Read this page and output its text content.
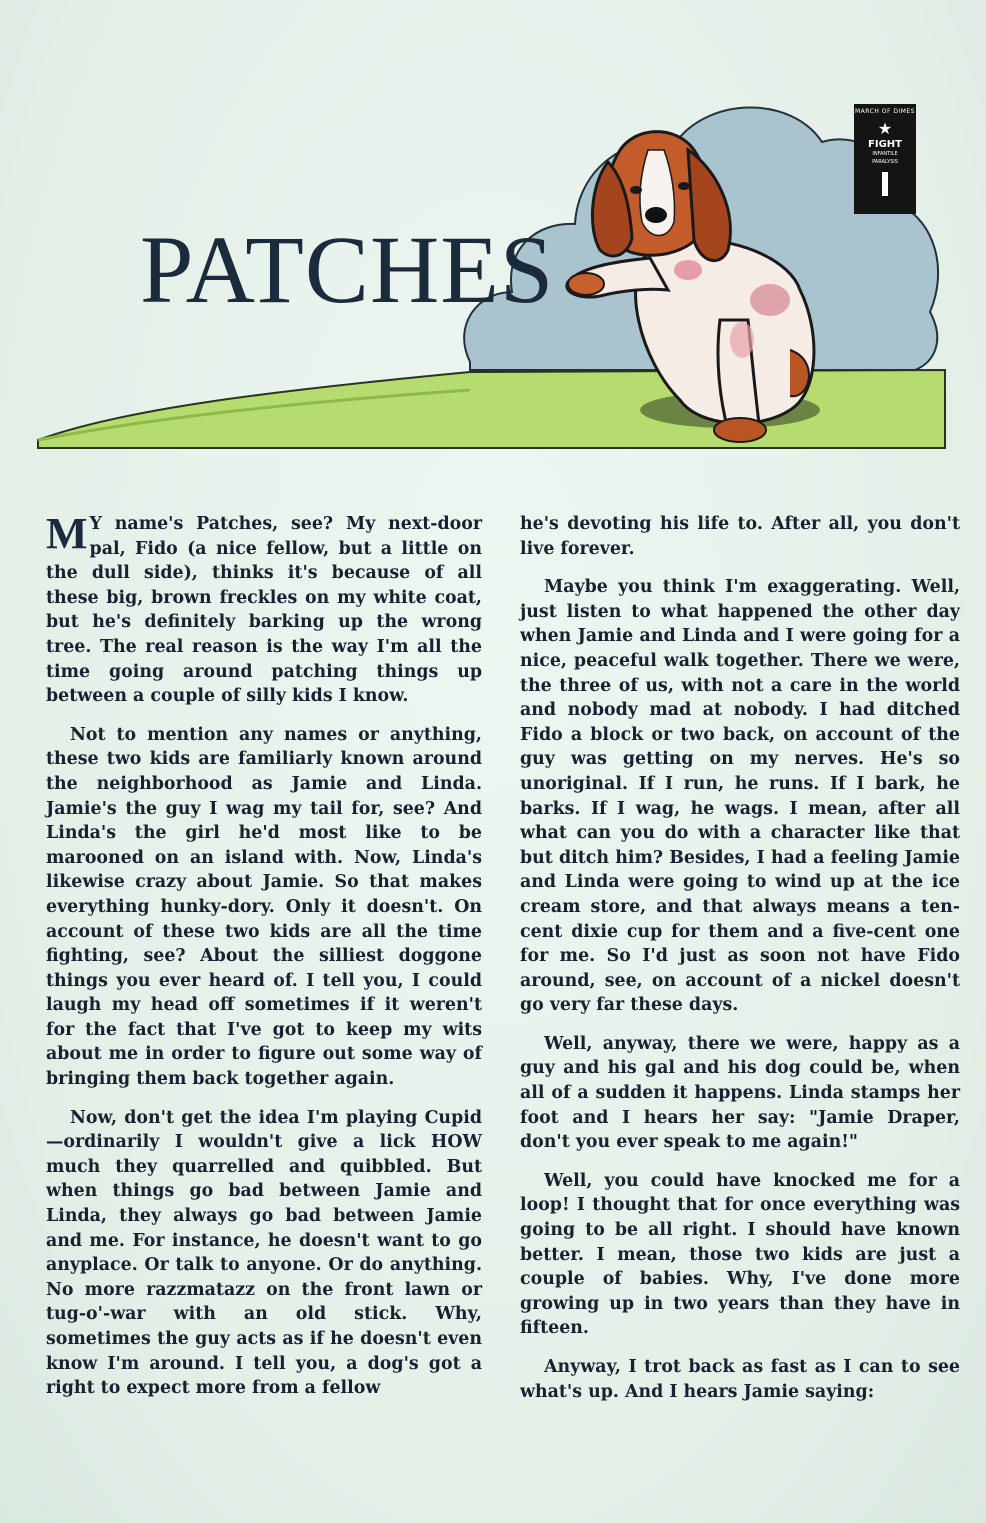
PATCHES
MARCH OF DIMES
★
FIGHT
INFANTILE
PARALYSIS

M Y name's Patches, see? My next-door pal, Fido (a nice fellow, but a little on the dull side), thinks it's because of all these big, brown freckles on my white coat, but he's definitely barking up the wrong tree. The real reason is the way I'm all the time going around patching things up between a couple of silly kids I know.

Not to mention any names or anything, these two kids are familiarly known around the neighborhood as Jamie and Linda. Jamie's the guy I wag my tail for, see? And Linda's the girl he'd most like to be marooned on an island with. Now, Linda's likewise crazy about Jamie. So that makes everything hunky-dory. Only it doesn't. On account of these two kids are all the time fighting, see? About the silliest doggone things you ever heard of. I tell you, I could laugh my head off sometimes if it weren't for the fact that I've got to keep my wits about me in order to figure out some way of bringing them back together again.

Now, don't get the idea I'm playing Cupid—ordinarily I wouldn't give a lick HOW much they quarrelled and quibbled. But when things go bad between Jamie and Linda, they always go bad between Jamie and me. For instance, he doesn't want to go anyplace. Or talk to anyone. Or do anything. No more razzmatazz on the front lawn or tug-o'-war with an old stick. Why, sometimes the guy acts as if he doesn't even know I'm around. I tell you, a dog's got a right to expect more from a fellow

he's devoting his life to. After all, you don't live forever.

Maybe you think I'm exaggerating. Well, just listen to what happened the other day when Jamie and Linda and I were going for a nice, peaceful walk together. There we were, the three of us, with not a care in the world and nobody mad at nobody. I had ditched Fido a block or two back, on account of the guy was getting on my nerves. He's so unoriginal. If I run, he runs. If I bark, he barks. If I wag, he wags. I mean, after all what can you do with a character like that but ditch him? Besides, I had a feeling Jamie and Linda were going to wind up at the ice cream store, and that always means a ten-cent dixie cup for them and a five-cent one for me. So I'd just as soon not have Fido around, see, on account of a nickel doesn't go very far these days.

Well, anyway, there we were, happy as a guy and his gal and his dog could be, when all of a sudden it happens. Linda stamps her foot and I hears her say: "Jamie Draper, don't you ever speak to me again!"

Well, you could have knocked me for a loop! I thought that for once everything was going to be all right. I should have known better. I mean, those two kids are just a couple of babies. Why, I've done more growing up in two years than they have in fifteen.

Anyway, I trot back as fast as I can to see what's up. And I hears Jamie saying:
